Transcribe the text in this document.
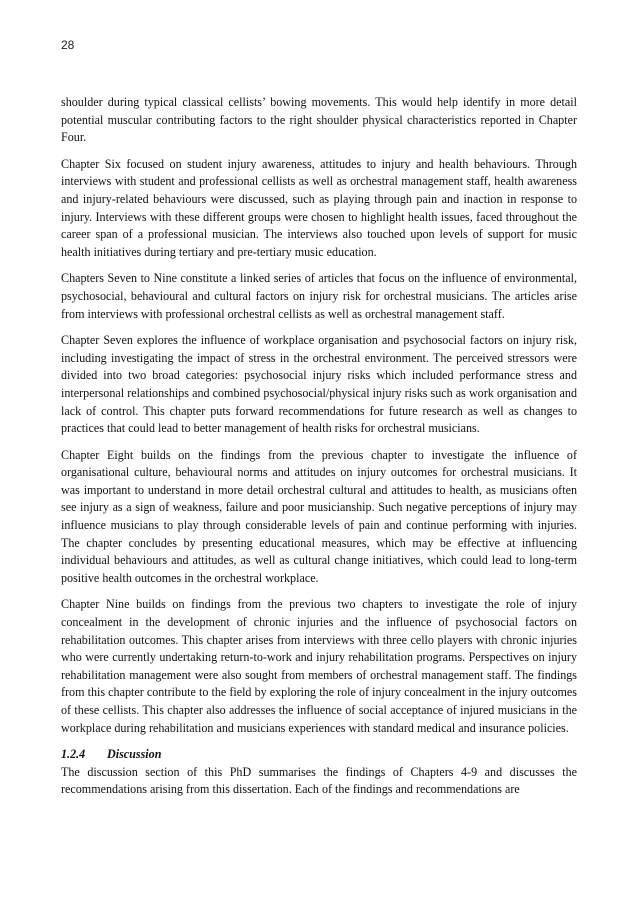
28

shoulder during typical classical cellists’ bowing movements. This would help identify in more detail potential muscular contributing factors to the right shoulder physical characteristics reported in Chapter Four.

Chapter Six focused on student injury awareness, attitudes to injury and health behaviours. Through interviews with student and professional cellists as well as orchestral management staff, health awareness and injury-related behaviours were discussed, such as playing through pain and inaction in response to injury. Interviews with these different groups were chosen to highlight health issues, faced throughout the career span of a professional musician. The interviews also touched upon levels of support for music health initiatives during tertiary and pre-tertiary music education.

Chapters Seven to Nine constitute a linked series of articles that focus on the influence of environmental, psychosocial, behavioural and cultural factors on injury risk for orchestral musicians. The articles arise from interviews with professional orchestral cellists as well as orchestral management staff.

Chapter Seven explores the influence of workplace organisation and psychosocial factors on injury risk, including investigating the impact of stress in the orchestral environment. The perceived stressors were divided into two broad categories: psychosocial injury risks which included performance stress and interpersonal relationships and combined psychosocial/physical injury risks such as work organisation and lack of control. This chapter puts forward recommendations for future research as well as changes to practices that could lead to better management of health risks for orchestral musicians.

Chapter Eight builds on the findings from the previous chapter to investigate the influence of organisational culture, behavioural norms and attitudes on injury outcomes for orchestral musicians. It was important to understand in more detail orchestral cultural and attitudes to health, as musicians often see injury as a sign of weakness, failure and poor musicianship. Such negative perceptions of injury may influence musicians to play through considerable levels of pain and continue performing with injuries. The chapter concludes by presenting educational measures, which may be effective at influencing individual behaviours and attitudes, as well as cultural change initiatives, which could lead to long-term positive health outcomes in the orchestral workplace.

Chapter Nine builds on findings from the previous two chapters to investigate the role of injury concealment in the development of chronic injuries and the influence of psychosocial factors on rehabilitation outcomes. This chapter arises from interviews with three cello players with chronic injuries who were currently undertaking return-to-work and injury rehabilitation programs. Perspectives on injury rehabilitation management were also sought from members of orchestral management staff. The findings from this chapter contribute to the field by exploring the role of injury concealment in the injury outcomes of these cellists. This chapter also addresses the influence of social acceptance of injured musicians in the workplace during rehabilitation and musicians experiences with standard medical and insurance policies.

1.2.4 Discussion

The discussion section of this PhD summarises the findings of Chapters 4-9 and discusses the recommendations arising from this dissertation. Each of the findings and recommendations are
